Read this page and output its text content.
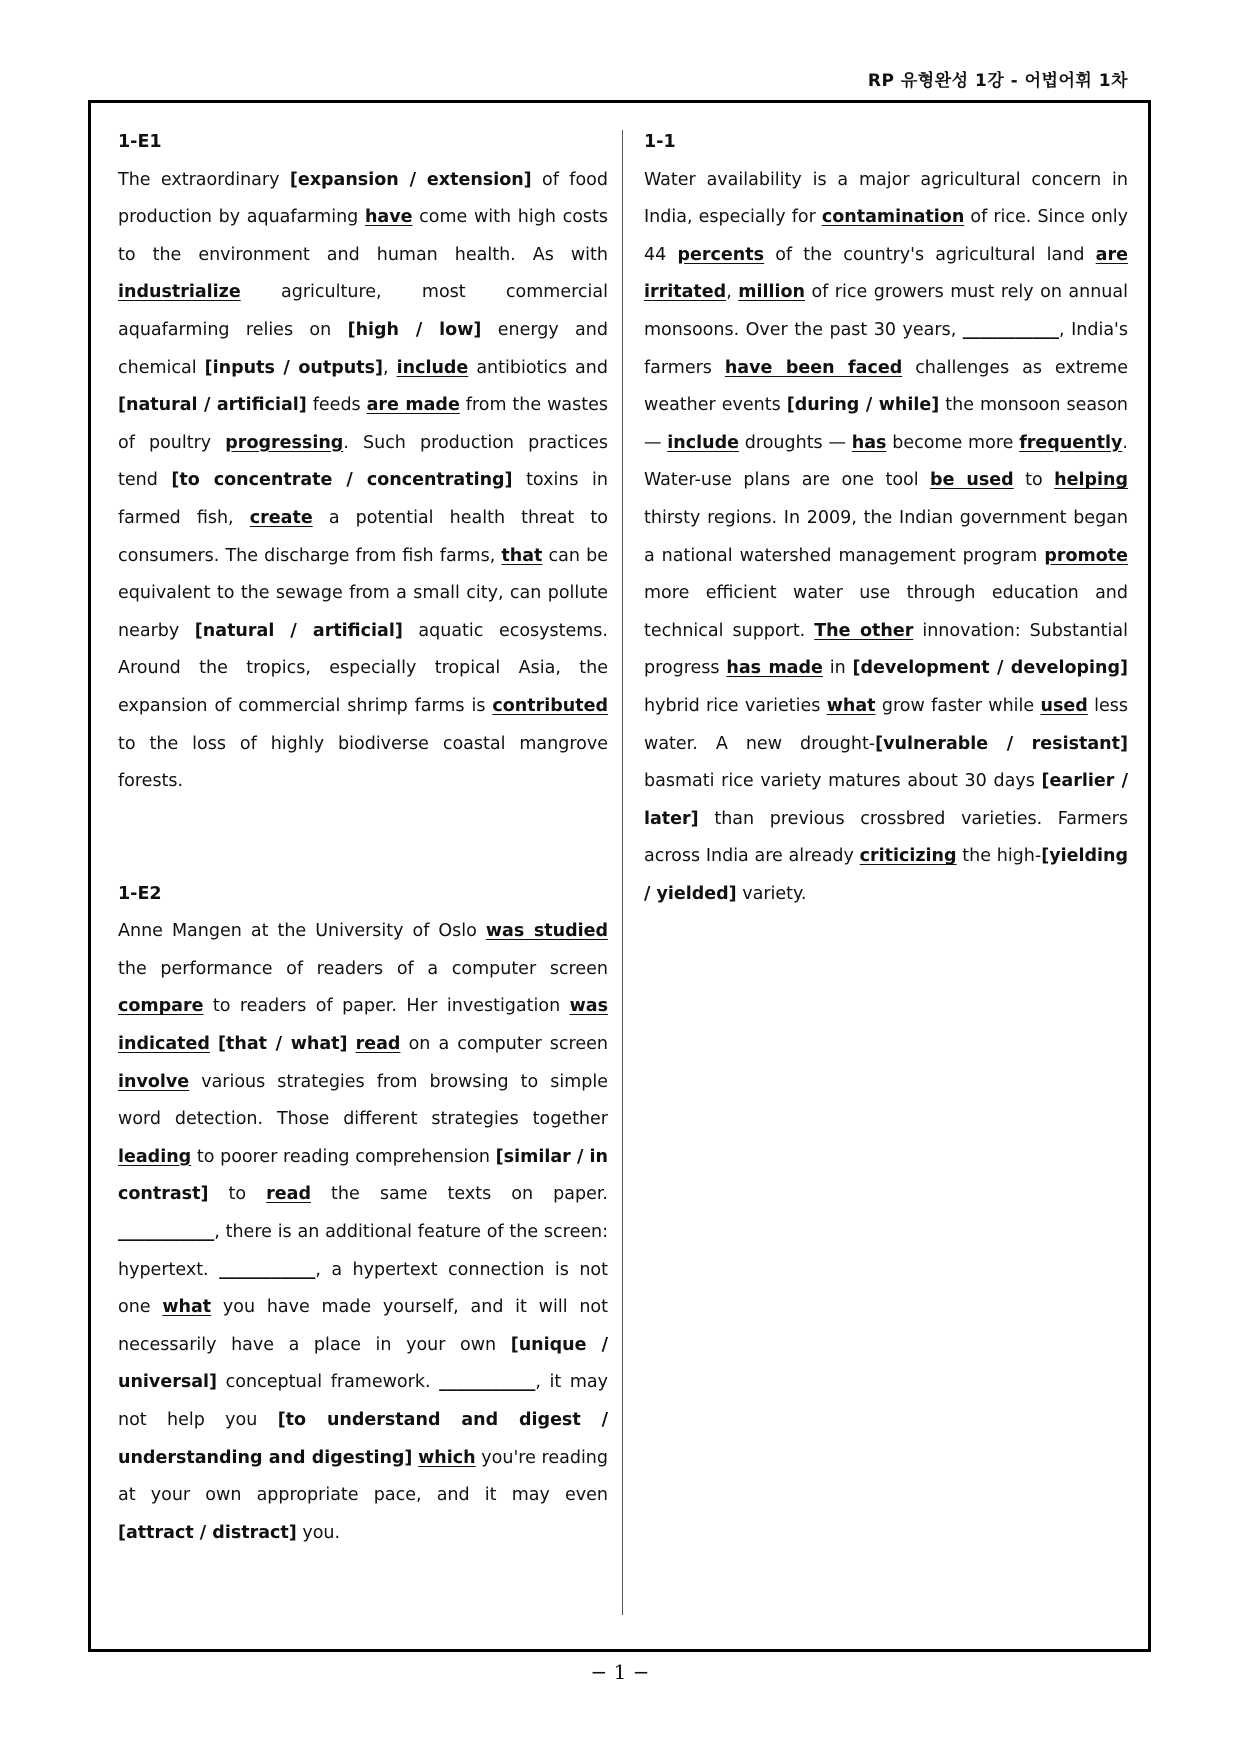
RP 유형완성 1강 - 어법어휘 1차
1-E1

The extraordinary [expansion / extension] of food production by aquafarming have come with high costs to the environment and human health. As with industrialize agriculture, most commercial aquafarming relies on [high / low] energy and chemical [inputs / outputs], include antibiotics and [natural / artificial] feeds are made from the wastes of poultry progressing. Such production practices tend [to concentrate / concentrating] toxins in farmed fish, create a potential health threat to consumers. The discharge from fish farms, that can be equivalent to the sewage from a small city, can pollute nearby [natural / artificial] aquatic ecosystems. Around the tropics, especially tropical Asia, the expansion of commercial shrimp farms is contributed to the loss of highly biodiverse coastal mangrove forests.

1-E2

Anne Mangen at the University of Oslo was studied the performance of readers of a computer screen compare to readers of paper. Her investigation was indicated [that / what] read on a computer screen involve various strategies from browsing to simple word detection. Those different strategies together leading to poorer reading comprehension [similar / in contrast] to read the same texts on paper. ___________, there is an additional feature of the screen: hypertext. ___________, a hypertext connection is not one what you have made yourself, and it will not necessarily have a place in your own [unique / universal] conceptual framework. ___________, it may not help you [to understand and digest / understanding and digesting] which you're reading at your own appropriate pace, and it may even [attract / distract] you.

1-1

Water availability is a major agricultural concern in India, especially for contamination of rice. Since only 44 percents of the country's agricultural land are irritated, million of rice growers must rely on annual monsoons. Over the past 30 years, ___________, India's farmers have been faced challenges as extreme weather events [during / while] the monsoon season — include droughts — has become more frequently. Water-use plans are one tool be used to helping thirsty regions. In 2009, the Indian government began a national watershed management program promote more efficient water use through education and technical support. The other innovation: Substantial progress has made in [development / developing] hybrid rice varieties what grow faster while used less water. A new drought-[vulnerable / resistant] basmati rice variety matures about 30 days [earlier / later] than previous crossbred varieties. Farmers across India are already criticizing the high-[yielding / yielded] variety.

− 1 −
